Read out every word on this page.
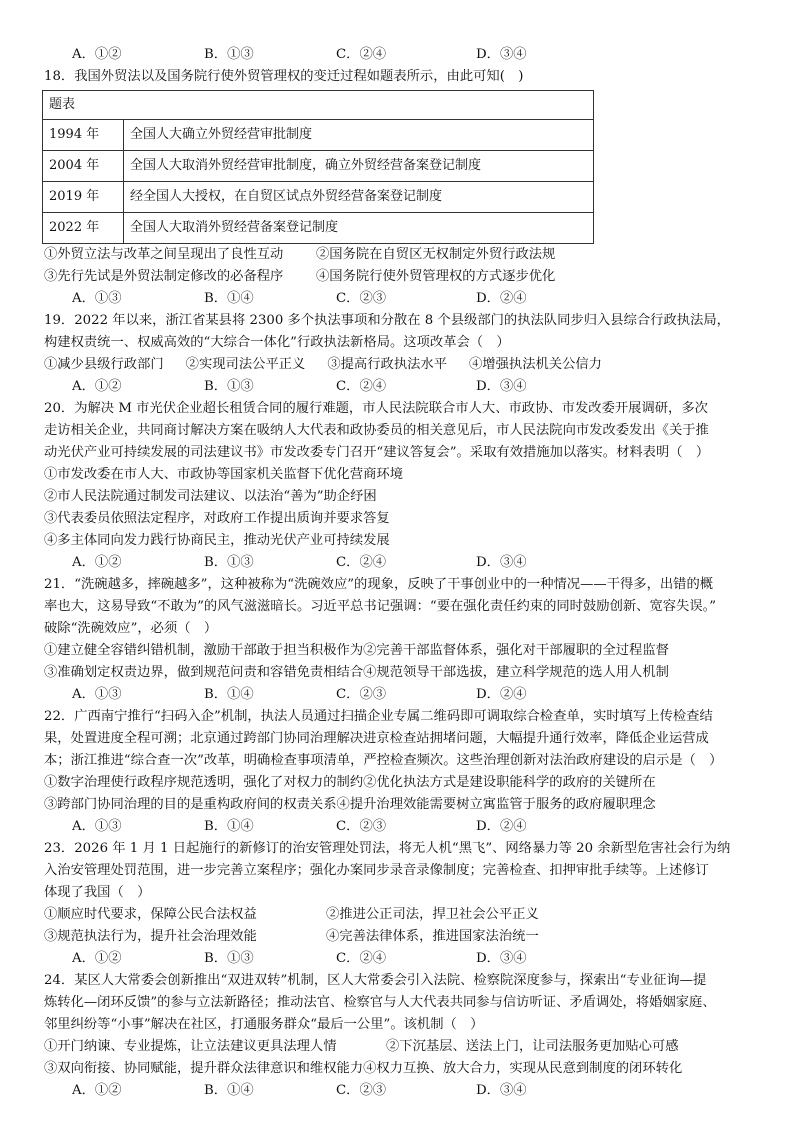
A．①②	B．①③	C．②④	D．③④
18．我国外贸法以及国务院行使外贸管理权的变迁过程如题表所示，由此可知(　)
题表	
1994 年	全国人大确立外贸经营审批制度
2004 年	全国人大取消外贸经营审批制度，确立外贸经营备案登记制度
2019 年	经全国人大授权，在自贸区试点外贸经营备案登记制度
2022 年	全国人大取消外贸经营备案登记制度
①外贸立法与改革之间呈现出了良性互动	②国务院在自贸区无权制定外贸行政法规
③先行先试是外贸法制定修改的必备程序	④国务院行使外贸管理权的方式逐步优化
A．①③	B．①④	C．②③	D．②④
19．2022 年以来，浙江省某县将 2300 多个执法事项和分散在 8 个县级部门的执法队同步归入县综合行政执法局，
构建权责统一、权威高效的“大综合一体化”行政执法新格局。这项改革会（　）
①减少县级行政部门 ②实现司法公平正义 ③提高行政执法水平 ④增强执法机关公信力
A．①②	B．①③	C．②④	D．③④
20．为解决 M 市光伏企业超长租赁合同的履行难题，市人民法院联合市人大、市政协、市发改委开展调研，多次
走访相关企业，共同商讨解决方案在吸纳人大代表和政协委员的相关意见后，市人民法院向市发改委发出《关于推
动光伏产业可持续发展的司法建议书》市发改委专门召开“建议答复会”。采取有效措施加以落实。材料表明（　）
①市发改委在市人大、市政协等国家机关监督下优化营商环境
②市人民法院通过制发司法建议、以法治“善为”助企纾困
③代表委员依照法定程序，对政府工作提出质询并要求答复
④多主体同向发力践行协商民主，推动光伏产业可持续发展
A．①②	B．①③	C．②④	D．③④
21．“洗碗越多，摔碗越多”，这种被称为“洗碗效应”的现象，反映了干事创业中的一种情况——干得多，出错的概
率也大，这易导致“不敢为”的风气滋滋暗长。习近平总书记强调：“要在强化责任约束的同时鼓励创新、宽容失误。”
破除“洗碗效应”，必须（　）
①建立健全容错纠错机制，激励干部敢于担当积极作为 ②完善干部监督体系，强化对干部履职的全过程监督
③准确划定权责边界，做到规范问责和容错免责相结合 ④规范领导干部选拔，建立科学规范的选人用人机制
A．①③	B．①④	C．②③	D．②④
22．广西南宁推行“扫码入企”机制，执法人员通过扫描企业专属二维码即可调取综合检查单，实时填写上传检查结
果，处置进度全程可溯；北京通过跨部门协同治理解决进京检查站拥堵问题，大幅提升通行效率，降低企业运营成
本；浙江推进“综合查一次”改革，明确检查事项清单，严控检查频次。这些治理创新对法治政府建设的启示是（　）
①数字治理使行政程序规范透明，强化了对权力的制约 ②优化执法方式是建设职能科学的政府的关键所在
③跨部门协同治理的目的是重构政府间的权责关系 ④提升治理效能需要树立寓监管于服务的政府履职理念
A．①③	B．①④	C．②③	D．②④
23．2026 年 1 月 1 日起施行的新修订的治安管理处罚法，将无人机“黑飞”、网络暴力等 20 余新型危害社会行为纳
入治安管理处罚范围，进一步完善立案程序；强化办案同步录音录像制度；完善检查、扣押审批手续等。上述修订
体现了我国（　）
①顺应时代要求，保障公民合法权益	②推进公正司法，捍卫社会公平正义
③规范执法行为，提升社会治理效能	④完善法律体系，推进国家法治统一
A．①②	B．①③	C．②④	D．③④
24．某区人大常委会创新推出“双进双转”机制，区人大常委会引入法院、检察院深度参与，探索出“专业征询—提
炼转化—闭环反馈”的参与立法新路径；推动法官、检察官与人大代表共同参与信访听证、矛盾调处，将婚姻家庭、
邻里纠纷等“小事”解决在社区，打通服务群众“最后一公里”。该机制（　）
①开门纳谏、专业提炼，让立法建议更具法理人情	②下沉基层、送法上门，让司法服务更加贴心可感
③双向衔接、协同赋能，提升群众法律意识和维权能力 ④权力互换、放大合力，实现从民意到制度的闭环转化
A．①②	B．①④	C．②③	D．③④
